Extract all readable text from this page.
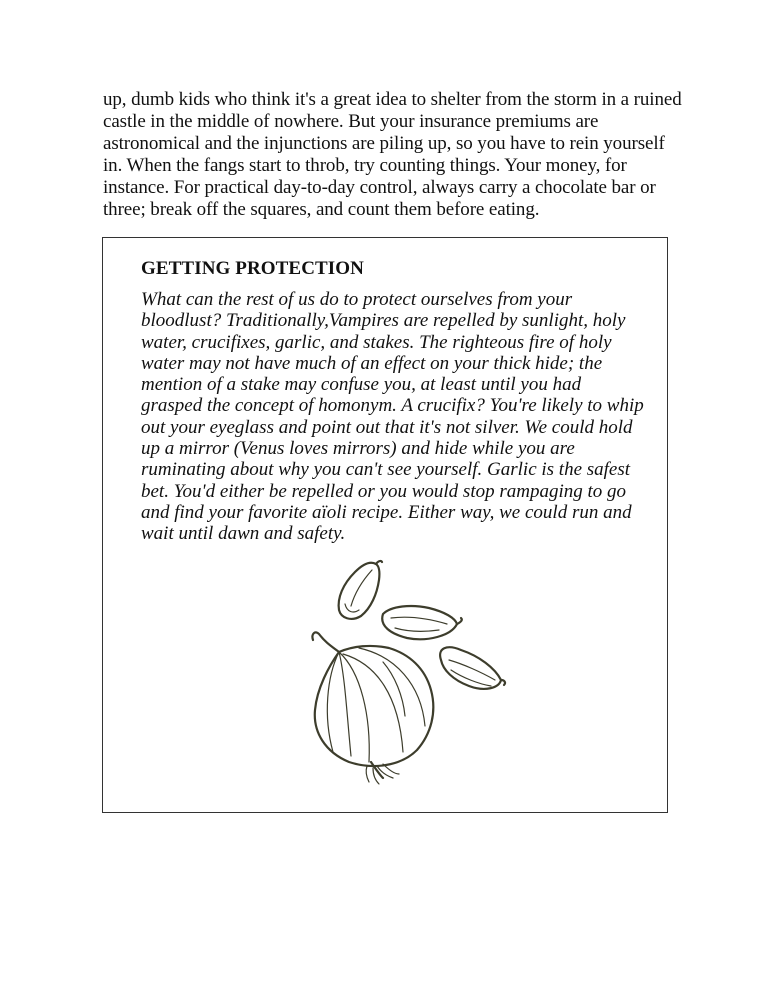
up, dumb kids who think it's a great idea to shelter from the storm in a ruined
castle in the middle of nowhere. But your insurance premiums are
astronomical and the injunctions are piling up, so you have to rein yourself
in. When the fangs start to throb, try counting things. Your money, for
instance. For practical day-to-day control, always carry a chocolate bar or
three; break off the squares, and count them before eating.

GETTING PROTECTION

What can the rest of us do to protect ourselves from your
bloodlust? Traditionally,Vampires are repelled by sunlight, holy
water, crucifixes, garlic, and stakes. The righteous fire of holy
water may not have much of an effect on your thick hide; the
mention of a stake may confuse you, at least until you had
grasped the concept of homonym. A crucifix? You're likely to whip
out your eyeglass and point out that it's not silver. We could hold
up a mirror (Venus loves mirrors) and hide while you are
ruminating about why you can't see yourself. Garlic is the safest
bet. You'd either be repelled or you would stop rampaging to go
and find your favorite aïoli recipe. Either way, we could run and
wait until dawn and safety.
